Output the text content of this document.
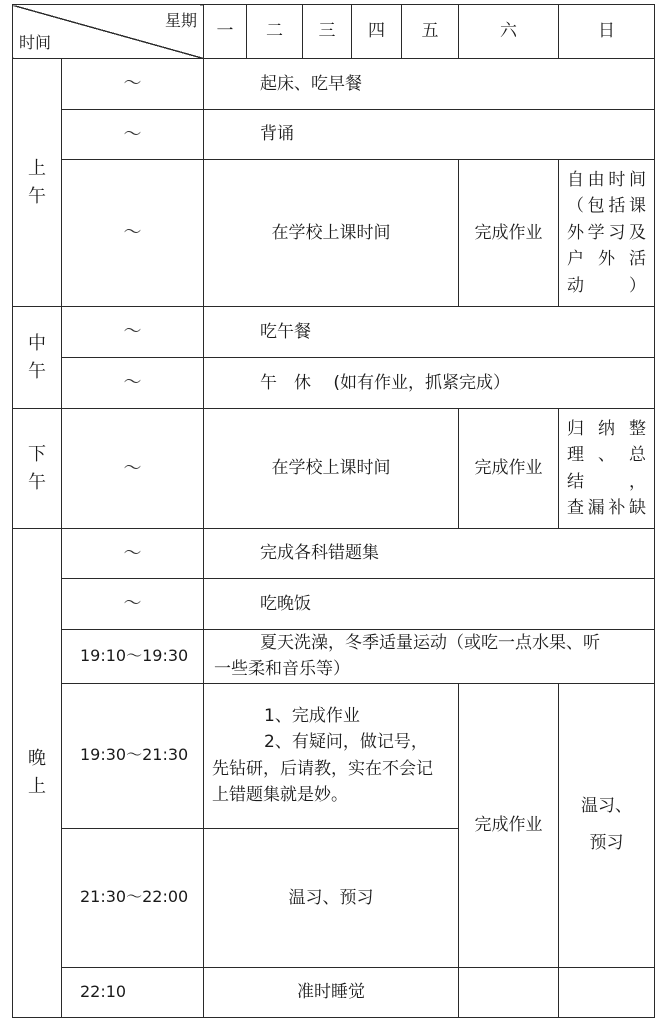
星期
时间		一	二	三	四	五	六	日

上
午	～	起床、吃早餐						
	～	背诵						
	～	在学校上课时间					完成作业	自由时间
（包括课
外学习及
户 外 活
动）

中
午	～	吃午餐						
	～	午　休　 (如有作业，抓紧完成）						

下
午	～	在学校上课时间					完成作业	归 纳 整
理、总结，
查漏补缺

晚
上	～	完成各科错题集						
	～	吃晚饭						
	19:10～19:30	夏天洗澡，冬季适量运动（或吃一点水果、听
一些柔和音乐等）						

	19:30～21:30	1、完成作业
2、有疑问，做记号，
先钻研，后请教，实在不会记
上错题集就是妙。					完成作业	温习、
预习

	21:30～22:00	温习、预习						
	22:10	准时睡觉						
